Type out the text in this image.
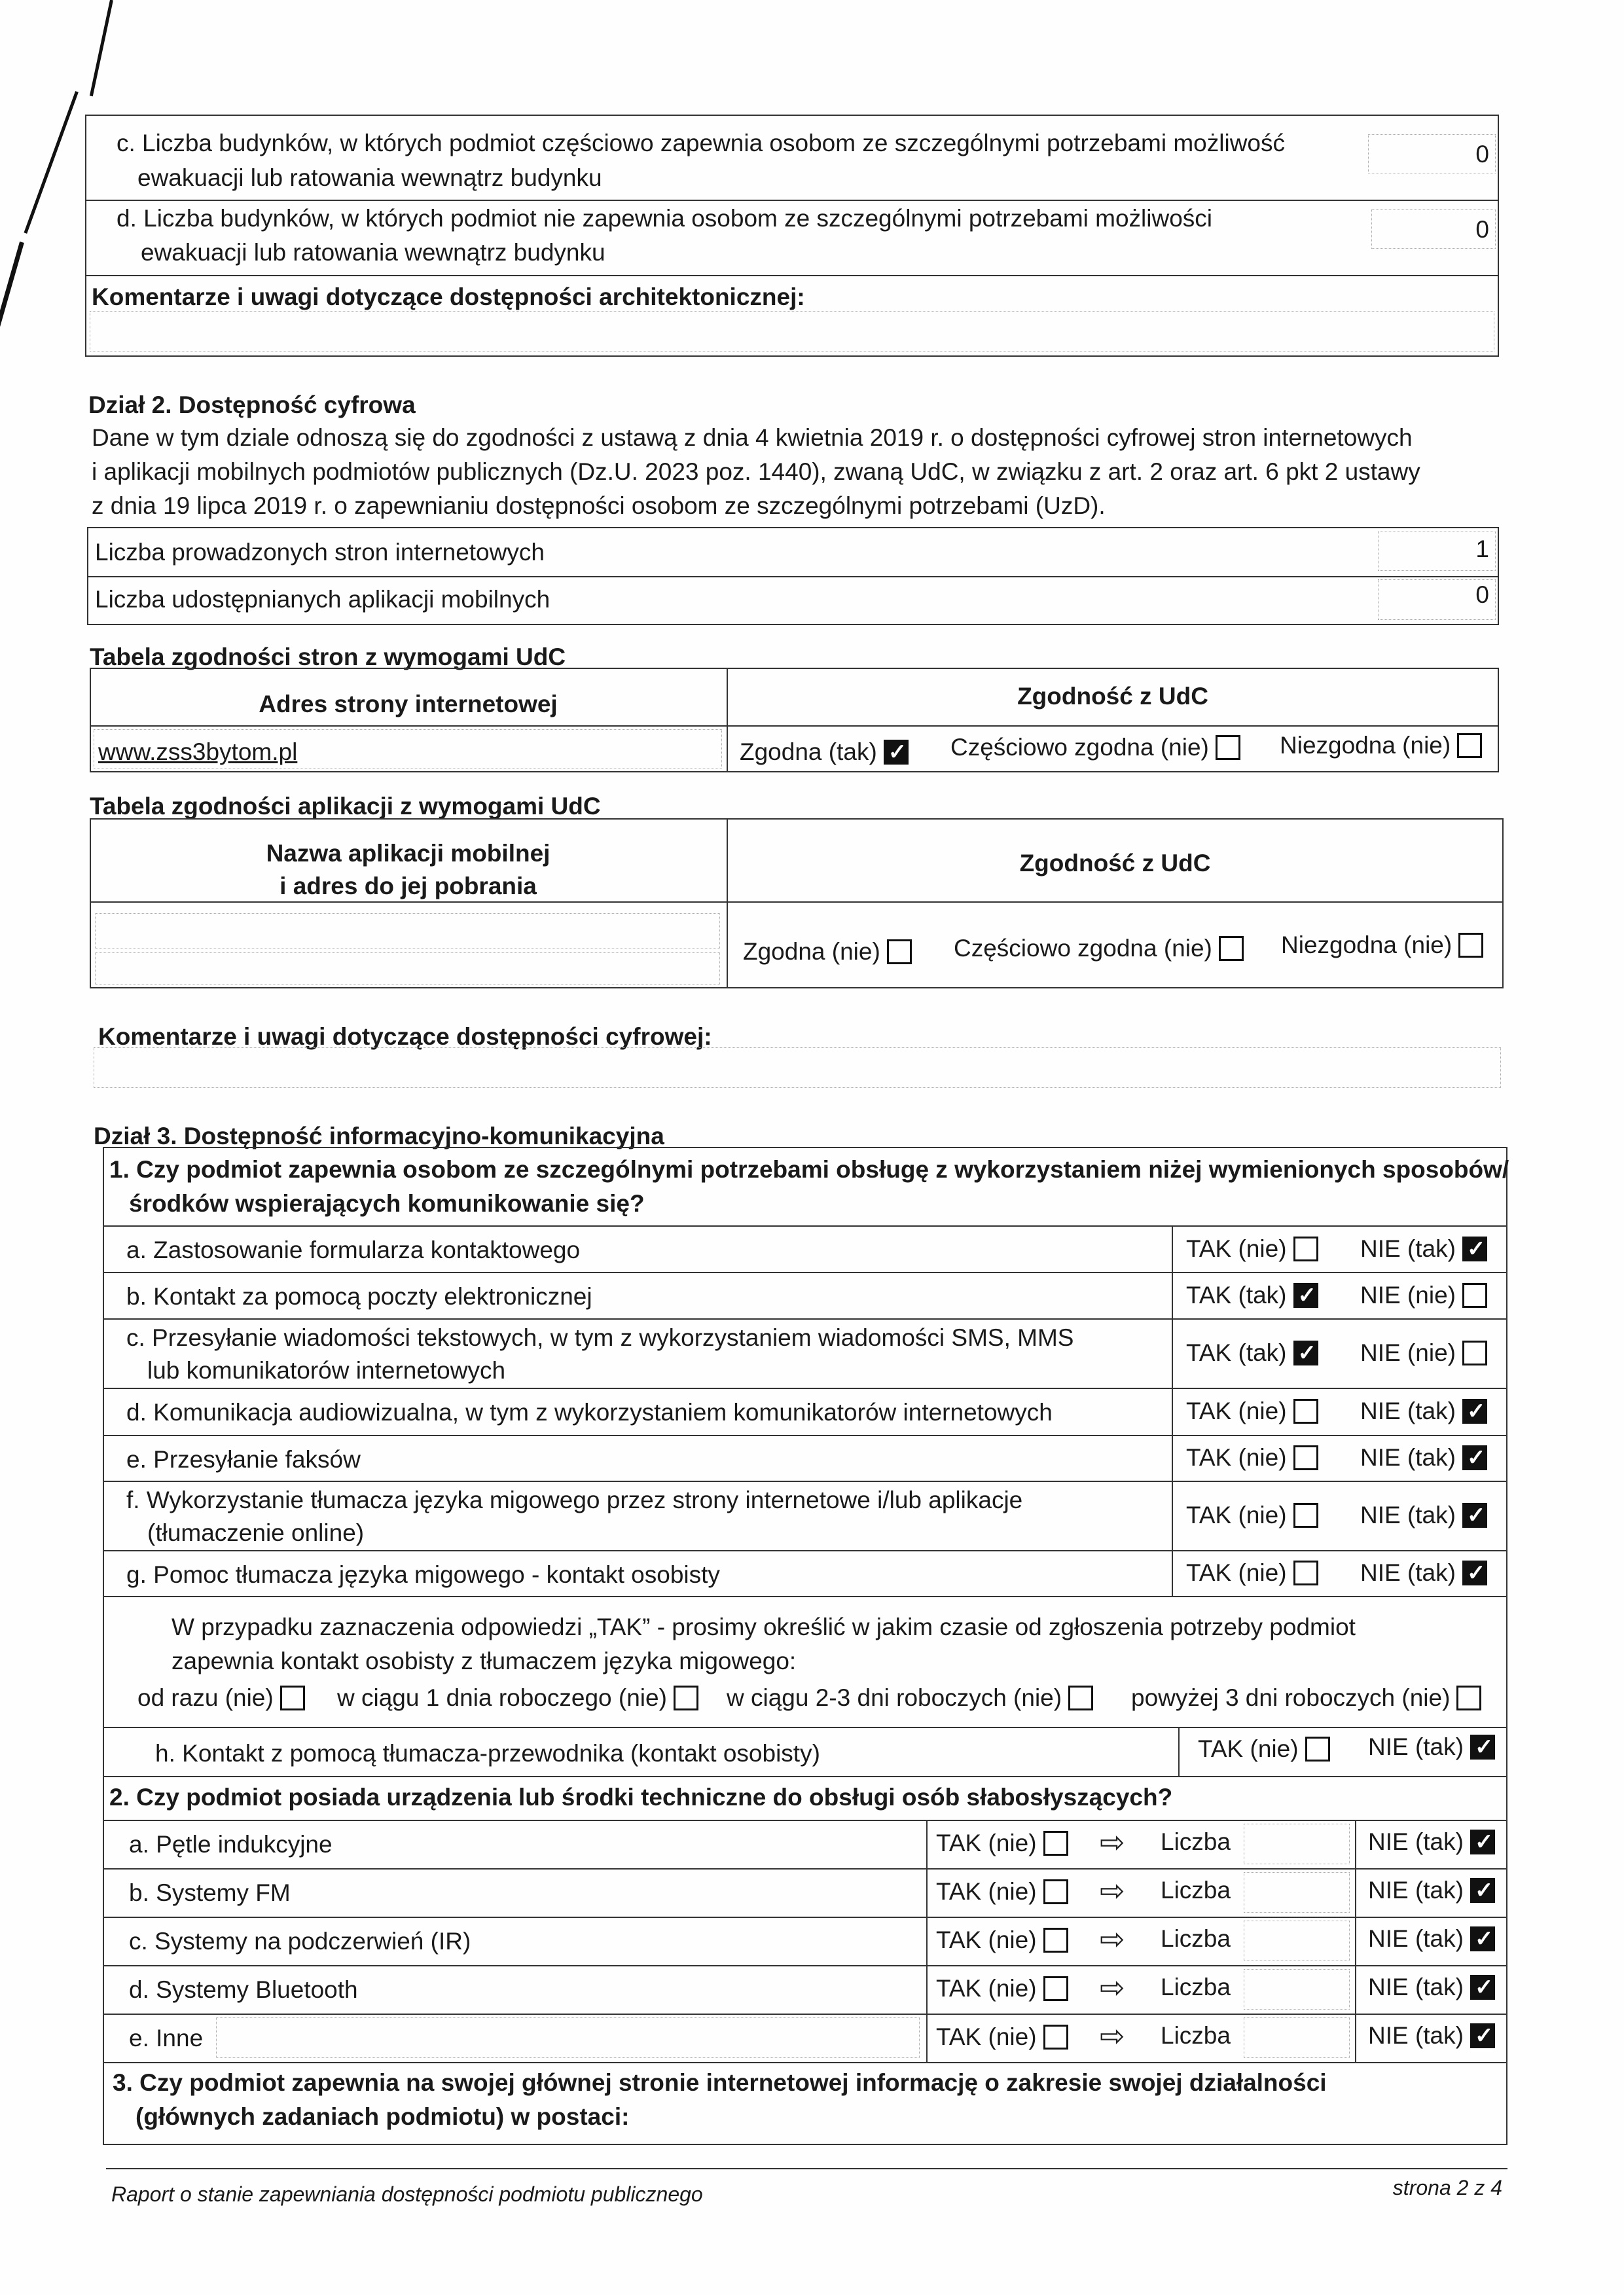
c. Liczba budynków, w których podmiot częściowo zapewnia osobom ze szczególnymi potrzebami możliwość
ewakuacji lub ratowania wewnątrz budynku
0
d. Liczba budynków, w których podmiot nie zapewnia osobom ze szczególnymi potrzebami możliwości
ewakuacji lub ratowania wewnątrz budynku
0
Komentarze i uwagi dotyczące dostępności architektonicznej:
Dział 2. Dostępność cyfrowa
Dane w tym dziale odnoszą się do zgodności z ustawą z dnia 4 kwietnia 2019 r. o dostępności cyfrowej stron internetowych
i aplikacji mobilnych podmiotów publicznych (Dz.U. 2023 poz. 1440), zwaną UdC, w związku z art. 2 oraz art. 6 pkt 2 ustawy
z dnia 19 lipca 2019 r. o zapewnianiu dostępności osobom ze szczególnymi potrzebami (UzD).
Liczba prowadzonych stron internetowych	1
Liczba udostępnianych aplikacji mobilnych	0
Tabela zgodności stron z wymogami UdC
Adres strony internetowej	Zgodność z UdC
www.zss3bytom.pl	Zgodna (tak) ✓	Częściowo zgodna (nie)	Niezgodna (nie)
Tabela zgodności aplikacji z wymogami UdC
Nazwa aplikacji mobilnej
i adres do jej pobrania
Zgodność z UdC
Zgodna (nie)	Częściowo zgodna (nie)	Niezgodna (nie)
Komentarze i uwagi dotyczące dostępności cyfrowej:
Dział 3. Dostępność informacyjno-komunikacyjna
1. Czy podmiot zapewnia osobom ze szczególnymi potrzebami obsługę z wykorzystaniem niżej wymienionych sposobów/
środków wspierających komunikowanie się?
a. Zastosowanie formularza kontaktowego	TAK (nie)	NIE (tak)✓
b. Kontakt za pomocą poczty elektronicznej	TAK (tak) ✓	NIE (nie)
c. Przesyłanie wiadomości tekstowych, w tym z wykorzystaniem wiadomości SMS, MMS
lub komunikatorów internetowych
TAK (tak) ✓	NIE (nie)
d. Komunikacja audiowizualna, w tym z wykorzystaniem komunikatorów internetowych	TAK (nie)	NIE (tak)✓
e. Przesyłanie faksów	TAK (nie)	NIE (tak)✓
f. Wykorzystanie tłumacza języka migowego przez strony internetowe i/lub aplikacje
(tłumaczenie online)
TAK (nie)	NIE (tak)✓
g. Pomoc tłumacza języka migowego - kontakt osobisty	TAK (nie)	NIE (tak)✓
W przypadku zaznaczenia odpowiedzi „TAK” - prosimy określić w jakim czasie od zgłoszenia potrzeby podmiot
zapewnia kontakt osobisty z tłumaczem języka migowego:
od razu (nie)	w ciągu 1 dnia roboczego (nie)	w ciągu 2-3 dni roboczych (nie)	powyżej 3 dni roboczych (nie)
h. Kontakt z pomocą tłumacza-przewodnika (kontakt osobisty)	TAK (nie)	NIE (tak)✓
2. Czy podmiot posiada urządzenia lub środki techniczne do obsługi osób słabosłyszących?
a. Pętle indukcyjne	TAK (nie)	⇨ Liczba	NIE (tak)✓
b. Systemy FM	TAK (nie)	⇨ Liczba	NIE (tak)✓
c. Systemy na podczerwień (IR)	TAK (nie)	⇨ Liczba	NIE (tak)✓
d. Systemy Bluetooth	TAK (nie)	⇨ Liczba	NIE (tak)✓
e. Inne	TAK (nie)	⇨ Liczba	NIE (tak)✓
3. Czy podmiot zapewnia na swojej głównej stronie internetowej informację o zakresie swojej działalności
(głównych zadaniach podmiotu) w postaci:
Raport o stanie zapewniania dostępności podmiotu publicznego	strona 2 z 4
